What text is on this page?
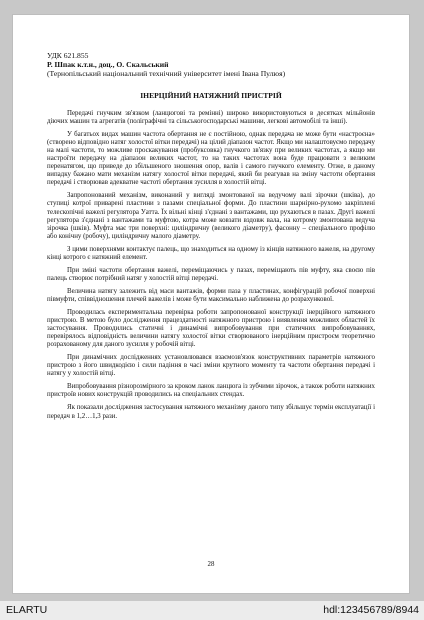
УДК 621.855
Р. Шпак к.т.н., доц., О. Скальський
(Тернопільський національний технічний університет імені Івана Пулюя)
ІНЕРЦІЙНИЙ НАТЯЖНИЙ ПРИСТРІЙ

Передачі гнучким зв'язком (ланцюгові та ремінні) широко використовуються в десятках мільйонів діючих машин та агрегатів (поліграфічні та сільськогосподарські машини, легкові автомобілі та інші).

У багатьох видах машин частота обертання не є постійною, однак передача не може бути «настроєна» (створено відповідно натяг холостої вітки передачі) на цілий діапазон частот. Якщо ми налаштовуємо передачу на малі частоти, то можливе проскакування (пробуксовка) гнучкого зв'язку при великих частотах, а якщо ми настроїти передачу на діапазон великих частот, то на таких частотах вона буде працювати з великим перенатягом, що приведе до збільшеного зношення опор, валів і самого гнучкого елементу. Отже, в даному випадку бажано мати механізм натягу холостої вітки передачі, який би реагував на зміну частоти обертання передачі і створював адекватне частоті обертання зусилля в холостій вітці.

Запропонований механізм, виконаний у вигляді змонтованої на ведучому валі зірочки (шківа), до ступиці котрої приварені пластини з пазами спеціальної форми. До пластини шарнірно-рухомо закріплені телескопічні важелі регулятора Уатта. Їх вільні кінці з'єднані з вантажами, що рухаються в пазах. Другі важелі регулятора з'єднані з вантажами та муфтою, котра може ковзати вздовж вала, на котрому змонтована ведуча зірочка (шків). Муфта має три поверхні: циліндричну (великого діаметру), фасонну – спеціального профілю або конічну (робочу), циліндричну малого діаметру.

З цими поверхнями контактує палець, що знаходиться на одному із кінців натяжного важеля, на другому кінці котрого є натяжний елемент.

При зміні частоти обертання важелі, переміщаючись у пазах, переміщають пів муфту, яка своєю пів палець створює потрібний натяг у холостій вітці передачі.

Величина натягу залежить від маси вантажів, форми паза у пластинах, конфігурацій робочої поверхні півмуфти, співвідношення плечей важелів і може бути максимально наближена до розрахункової.

Проводилась експериментальна перевірка роботи запропонованої конструкції інерційного натяжного пристрою. В метою було дослідження працездатності натяжного пристрою і виявлення можливих областей їх застосування. Проводились статичні і динамічні випробовування при статичних випробовуваннях, перевірялось відповідність величини натягу холостої вітки створюваного інерційним пристроєм теоретично розрахованому для даного зусилля у робочій вітці.

При динамічних дослідженнях установлювався взаємозв'язок конструктивних параметрів натяжного пристрою з його швидкодією і сили падіння в часі зміни крутного моменту та частоти обертання передачі і натягу у холостій вітці.

Випробовування різнорозмірного за кроком ланок ланцюга із зубчими зірочок, а також роботи натяжних пристроїв нових конструкцій проводились на спеціальних стендах.

Як показали дослідження застосування натяжного механізму даного типу збільшує термін експлуатації і передач в 1,2…1,3 рази.

28
ELARTU	hdl:123456789/8944
